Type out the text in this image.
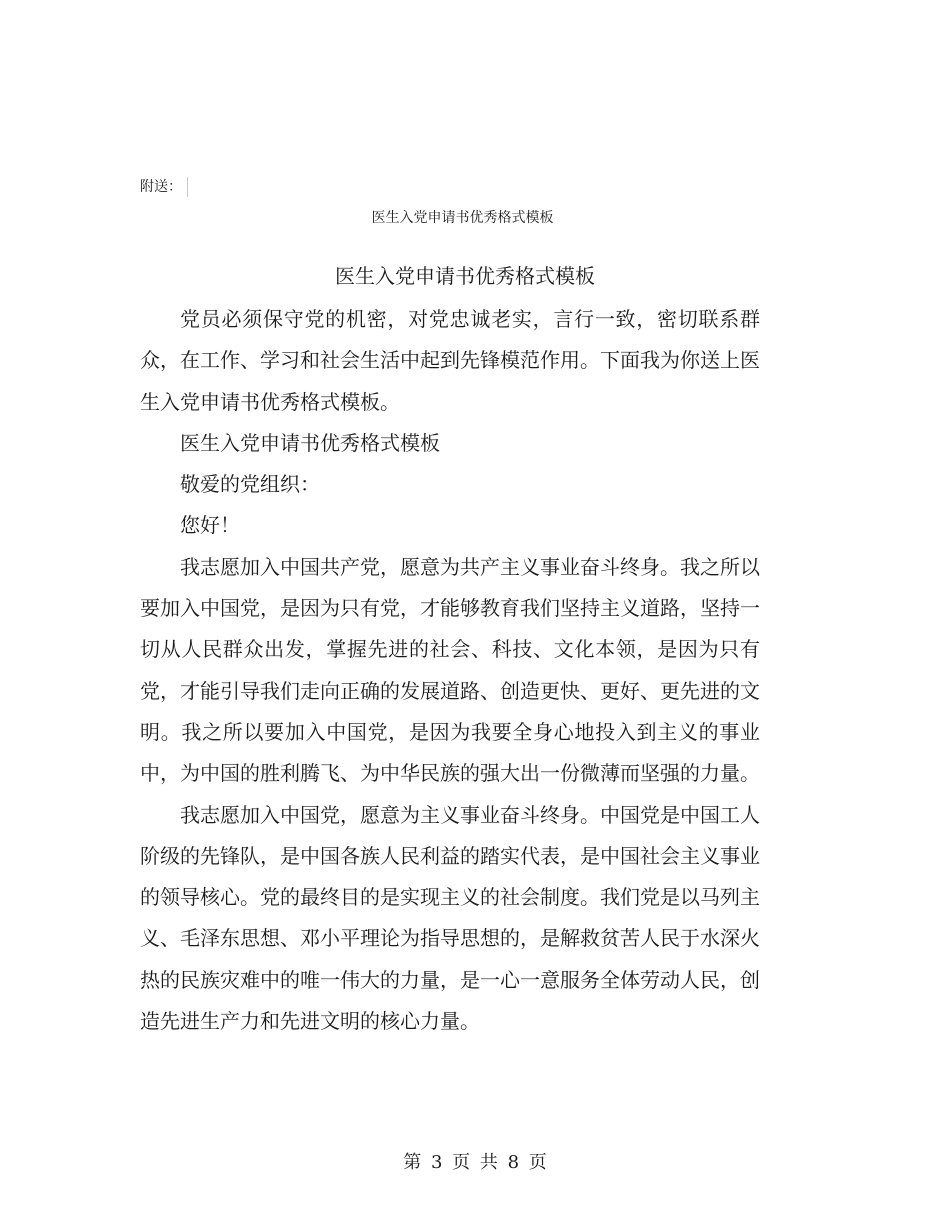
附送：
医生入党申请书优秀格式模板
医生入党申请书优秀格式模板

党员必须保守党的机密，对党忠诚老实，言行一致，密切联系群众，在工作、学习和社会生活中起到先锋模范作用。下面我为你送上医生入党申请书优秀格式模板。

医生入党申请书优秀格式模板

敬爱的党组织：

您好！

我志愿加入中国共产党，愿意为共产主义事业奋斗终身。我之所以要加入中国党，是因为只有党，才能够教育我们坚持主义道路，坚持一切从人民群众出发，掌握先进的社会、科技、文化本领，是因为只有党，才能引导我们走向正确的发展道路、创造更快、更好、更先进的文明。我之所以要加入中国党，是因为我要全身心地投入到主义的事业中，为中国的胜利腾飞、为中华民族的强大出一份微薄而坚强的力量。

我志愿加入中国党，愿意为主义事业奋斗终身。中国党是中国工人阶级的先锋队，是中国各族人民利益的踏实代表，是中国社会主义事业的领导核心。党的最终目的是实现主义的社会制度。我们党是以马列主义、毛泽东思想、邓小平理论为指导思想的，是解救贫苦人民于水深火热的民族灾难中的唯一伟大的力量，是一心一意服务全体劳动人民，创造先进生产力和先进文明的核心力量。

第 3 页 共 8 页
